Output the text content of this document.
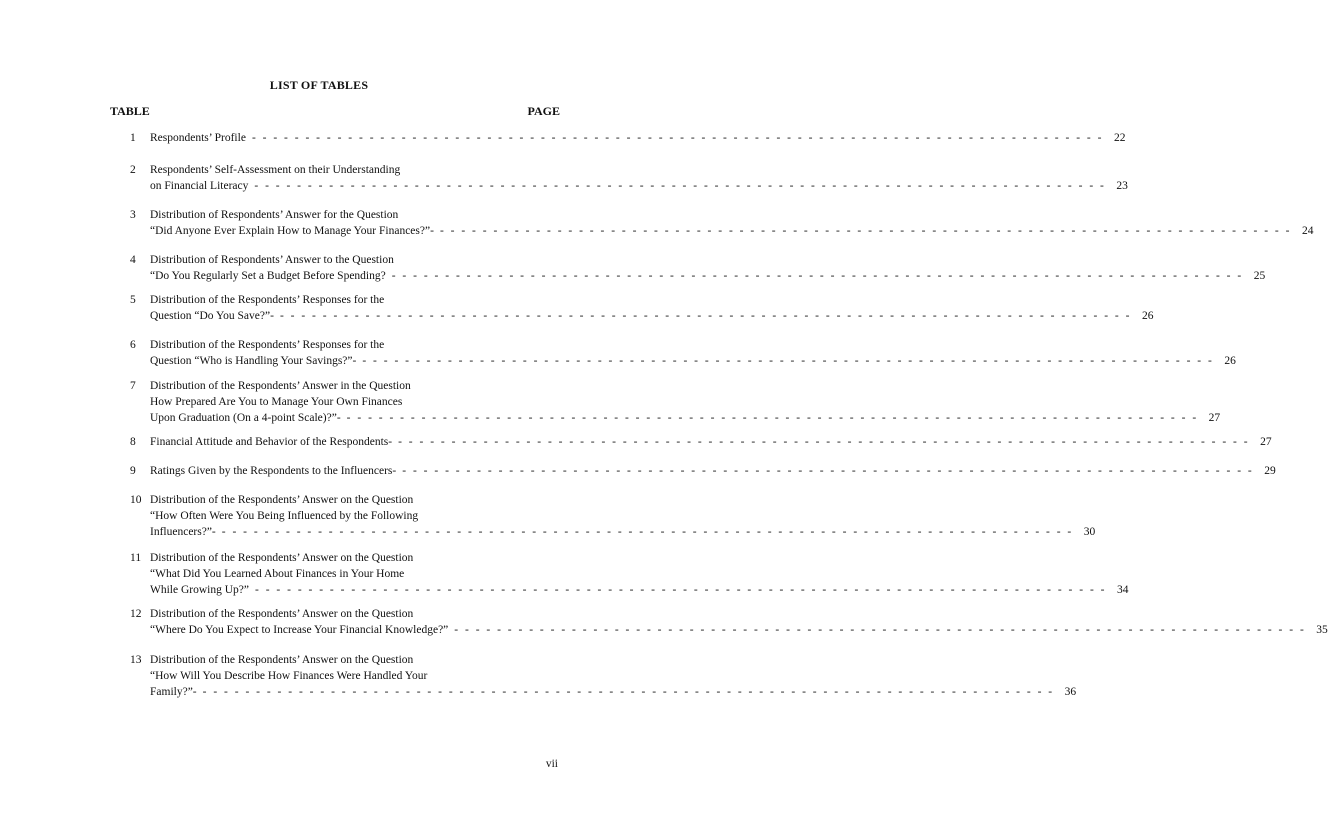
LIST OF TABLES
TABLE	PAGE
1	Respondents’ Profile - - - - - - - - - - - - - - - - - - - - - - - - - - - - - - - - - - - - - - - - - - - - - - - - - - - - - - - - - - - - - - - - - - - - - - - - - - - - - - - - 22
2	Respondents’ Self-Assessment on their Understanding
on Financial Literacy - - - - - - - - - - - - - - - - - - - - - - - - - - - - - - - - - - - - - - - - - - - - - - - - - - - - - - - - - - - - - - - - - - - - - - - - - - - - - - - - 23
3	Distribution of Respondents’ Answer for the Question
“Did Anyone Ever Explain How to Manage Your Finances?”- - - - - - - - - - - - - - - - - - - - - - - - - - - - - - - - - - - - - - - - - - - - - - - - - - - - - - - - - - - - - - - - - - - - - - - - - - - - - - - - - 24
4	Distribution of Respondents’ Answer to the Question
“Do You Regularly Set a Budget Before Spending? - - - - - - - - - - - - - - - - - - - - - - - - - - - - - - - - - - - - - - - - - - - - - - - - - - - - - - - - - - - - - - - - - - - - - - - - - - - - - - - - 25
5	Distribution of the Respondents’ Responses for the
Question “Do You Save?”- - - - - - - - - - - - - - - - - - - - - - - - - - - - - - - - - - - - - - - - - - - - - - - - - - - - - - - - - - - - - - - - - - - - - - - - - - - - - - - - - 26
6	Distribution of the Respondents’ Responses for the
Question “Who is Handling Your Savings?”- - - - - - - - - - - - - - - - - - - - - - - - - - - - - - - - - - - - - - - - - - - - - - - - - - - - - - - - - - - - - - - - - - - - - - - - - - - - - - - - - 26
7	Distribution of the Respondents’ Answer in the Question
How Prepared Are You to Manage Your Own Finances
Upon Graduation (On a 4-point Scale)?”- - - - - - - - - - - - - - - - - - - - - - - - - - - - - - - - - - - - - - - - - - - - - - - - - - - - - - - - - - - - - - - - - - - - - - - - - - - - - - - - - 27
8	Financial Attitude and Behavior of the Respondents- - - - - - - - - - - - - - - - - - - - - - - - - - - - - - - - - - - - - - - - - - - - - - - - - - - - - - - - - - - - - - - - - - - - - - - - - - - - - - - - - 27
9	Ratings Given by the Respondents to the Influencers- - - - - - - - - - - - - - - - - - - - - - - - - - - - - - - - - - - - - - - - - - - - - - - - - - - - - - - - - - - - - - - - - - - - - - - - - - - - - - - - - 29
10 Distribution of the Respondents’ Answer on the Question
“How Often Were You Being Influenced by the Following
Influencers?”- - - - - - - - - - - - - - - - - - - - - - - - - - - - - - - - - - - - - - - - - - - - - - - - - - - - - - - - - - - - - - - - - - - - - - - - - - - - - - - - - 30
11 Distribution of the Respondents’ Answer on the Question
“What Did You Learned About Finances in Your Home
While Growing Up?” - - - - - - - - - - - - - - - - - - - - - - - - - - - - - - - - - - - - - - - - - - - - - - - - - - - - - - - - - - - - - - - - - - - - - - - - - - - - - - - - 34
12 Distribution of the Respondents’ Answer on the Question
“Where Do You Expect to Increase Your Financial Knowledge?” - - - - - - - - - - - - - - - - - - - - - - - - - - - - - - - - - - - - - - - - - - - - - - - - - - - - - - - - - - - - - - - - - - - - - - - - - - - - - - - - 35
13 Distribution of the Respondents’ Answer on the Question
“How Will You Describe How Finances Were Handled Your
Family?”- - - - - - - - - - - - - - - - - - - - - - - - - - - - - - - - - - - - - - - - - - - - - - - - - - - - - - - - - - - - - - - - - - - - - - - - - - - - - - - - - 36
vii
